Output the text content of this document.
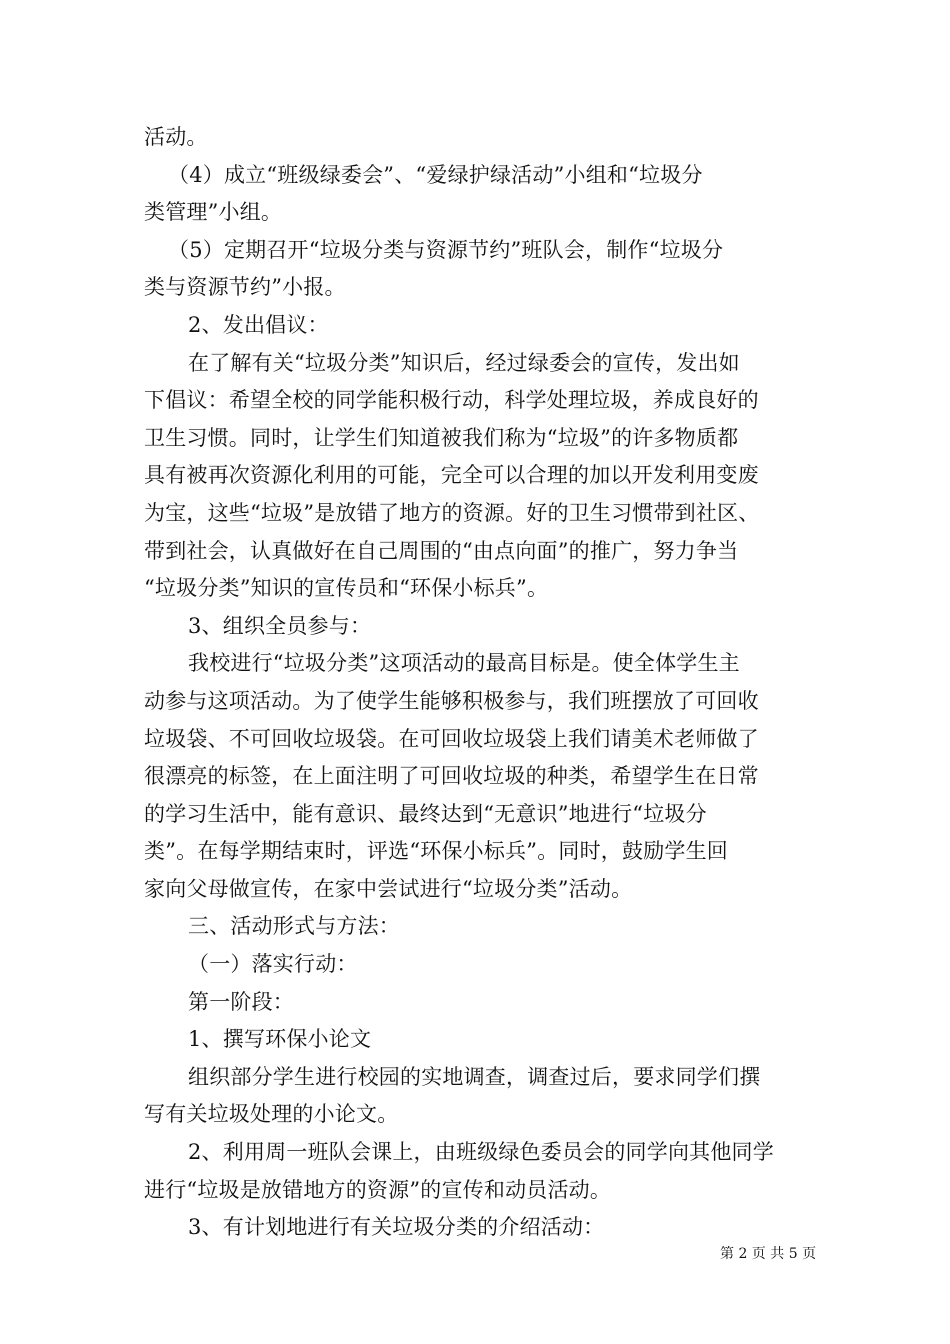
活动。
（4）成立“班级绿委会”、“爱绿护绿活动”小组和“垃圾分
类管理”小组。
（5）定期召开“垃圾分类与资源节约”班队会，制作“垃圾分
类与资源节约”小报。
2、发出倡议：
在了解有关“垃圾分类”知识后，经过绿委会的宣传，发出如
下倡议：希望全校的同学能积极行动，科学处理垃圾，养成良好的
卫生习惯。同时，让学生们知道被我们称为“垃圾”的许多物质都
具有被再次资源化利用的可能，完全可以合理的加以开发利用变废
为宝，这些“垃圾”是放错了地方的资源。好的卫生习惯带到社区、
带到社会，认真做好在自己周围的“由点向面”的推广，努力争当
“垃圾分类”知识的宣传员和“环保小标兵”。
3、组织全员参与：
我校进行“垃圾分类”这项活动的最高目标是。使全体学生主
动参与这项活动。为了使学生能够积极参与，我们班摆放了可回收
垃圾袋、不可回收垃圾袋。在可回收垃圾袋上我们请美术老师做了
很漂亮的标签，在上面注明了可回收垃圾的种类，希望学生在日常
的学习生活中，能有意识、最终达到“无意识”地进行“垃圾分
类”。在每学期结束时，评选“环保小标兵”。同时，鼓励学生回
家向父母做宣传，在家中尝试进行“垃圾分类”活动。
三、活动形式与方法：
（一）落实行动：
第一阶段：
1、撰写环保小论文
组织部分学生进行校园的实地调查，调查过后，要求同学们撰
写有关垃圾处理的小论文。
2、利用周一班队会课上，由班级绿色委员会的同学向其他同学
进行“垃圾是放错地方的资源”的宣传和动员活动。
3、有计划地进行有关垃圾分类的介绍活动：
第 2 页 共 5 页
